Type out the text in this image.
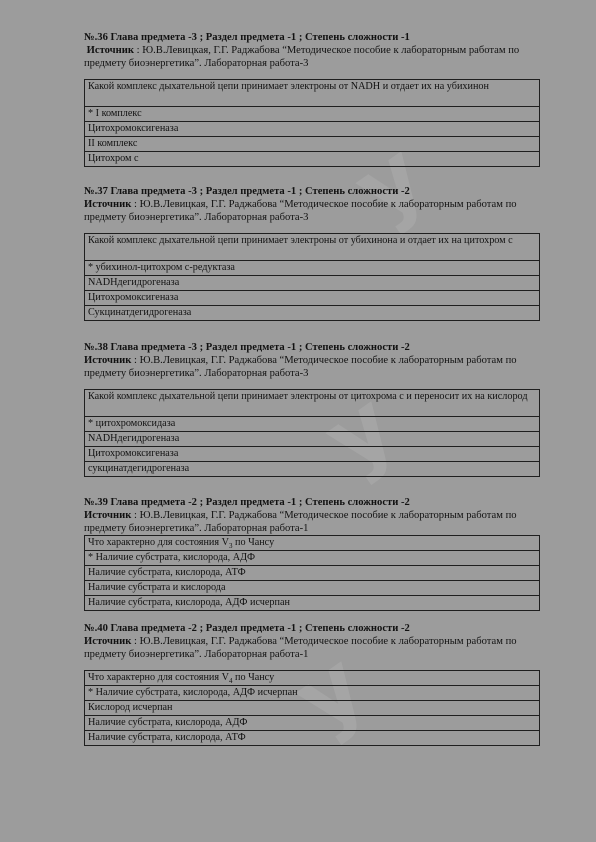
y
y
y
№.36 Глава предмета -3 ; Раздел предмета -1 ; Степень сложности -1
Источник : Ю.В.Левицкая, Г.Г. Раджабова “Методическое пособие к лабораторным работам по предмету биоэнергетика”. Лабораторная работа-3
Какой комплекс дыхательной цепи принимает электроны от NADH и отдает их на убихинон
* I комплекс
Цитохромоксигеназа
II комплекс
Цитохром с
№.37 Глава предмета -3 ; Раздел предмета -1 ; Степень сложности -2
Источник : Ю.В.Левицкая, Г.Г. Раджабова “Методическое пособие к лабораторным работам по предмету биоэнергетика”. Лабораторная работа-3
Какой комплекс дыхательной цепи принимает электроны от убихинона и отдает их на цитохром с
* убихинол-цитохром с-редуктаза
NADHдегидрогеназа
Цитохромоксигеназа
Сукцинатдегидрогеназа
№.38 Глава предмета -3 ; Раздел предмета -1 ; Степень сложности -2
Источник : Ю.В.Левицкая, Г.Г. Раджабова “Методическое пособие к лабораторным работам по предмету биоэнергетика”. Лабораторная работа-3
Какой комплекс дыхательной цепи принимает электроны от цитохрома с и переносит их на кислород
* цитохромоксидаза
NADHдегидрогеназа
Цитохромоксигеназа
сукцинатдегидрогеназа
№.39 Глава предмета -2 ; Раздел предмета -1 ; Степень сложности -2
Источник : Ю.В.Левицкая, Г.Г. Раджабова “Методическое пособие к лабораторным работам по предмету биоэнергетика”. Лабораторная работа-1
Что характерно для состояния $V_3$ по Чансу
* Наличие субстрата, кислорода, АДФ
Наличие субстрата, кислорода, АТФ
Наличие субстрата и кислорода
Наличие субстрата, кислорода, АДФ исчерпан
№.40 Глава предмета -2 ; Раздел предмета -1 ; Степень сложности -2
Источник : Ю.В.Левицкая, Г.Г. Раджабова “Методическое пособие к лабораторным работам по предмету биоэнергетика”. Лабораторная работа-1
Что характерно для состояния $V_4$ по Чансу
* Наличие субстрата, кислорода, АДФ исчерпан
Кислород исчерпан
Наличие субстрата, кислорода, АДФ
Наличие субстрата, кислорода, АТФ
